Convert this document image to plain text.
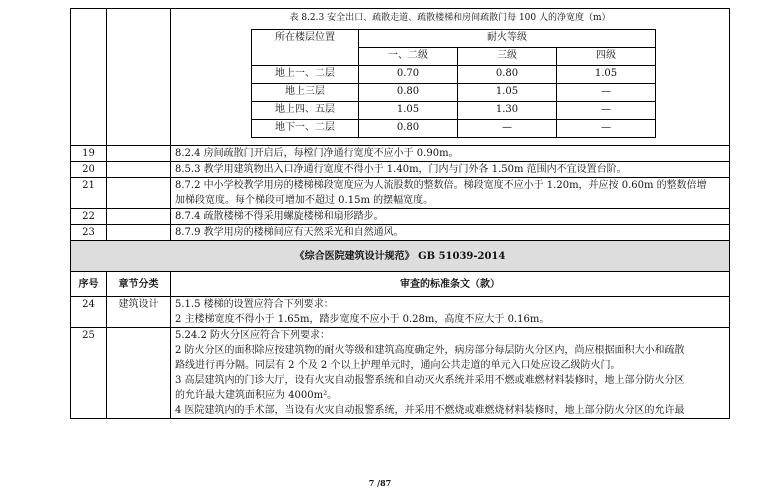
表 8.2.3 安全出口、疏散走道、疏散楼梯和房间疏散门每 100 人的净宽度（m）
所在楼层位置	耐火等级
一、二级	三级	四级
地上一、二层	0.70	0.80	1.05
地上三层	0.80	1.05	—
地上四、五层	1.05	1.30	—
地下一、二层	0.80	—	—

19		8.2.4 房间疏散门开启后，每樘门净通行宽度不应小于 0.90m。

20		8.5.3 教学用建筑物出入口净通行宽度不得小于 1.40m，门内与门外各 1.50m 范围内不宜设置台阶。

21		8.7.2 中小学校教学用房的楼梯梯段宽度应为人流股数的整数倍。梯段宽度不应小于 1.20m，并应按 0.60m 的整数倍增
加梯段宽度。每个梯段可增加不超过 0.15m 的摆幅宽度。

22		8.7.4 疏散楼梯不得采用螺旋楼梯和扇形踏步。

23		8.7.9 教学用房的楼梯间应有天然采光和自然通风。

《综合医院建筑设计规范》 GB 51039-2014
序号	章节分类	审查的标准条文（款）
24	建筑设计	5.1.5 楼梯的设置应符合下列要求：
2 主楼梯宽度不得小于 1.65m，踏步宽度不应小于 0.28m，高度不应大于 0.16m。

25		5.24.2 防火分区应符合下列要求：
2 防火分区的面积除应按建筑物的耐火等级和建筑高度确定外，病房部分每层防火分区内，尚应根据面积大小和疏散
路线进行再分隔。同层有 2 个及 2 个以上护理单元时，通向公共走道的单元入口处应设乙级防火门。
3 高层建筑内的门诊大厅，设有火灾自动报警系统和自动灭火系统并采用不燃或难燃材料装修时，地上部分防火分区
的允许最大建筑面积应为 4000m²。
4 医院建筑内的手术部，当设有火灾自动报警系统，并采用不燃烧或难燃烧材料装修时，地上部分防火分区的允许最
7 /87
